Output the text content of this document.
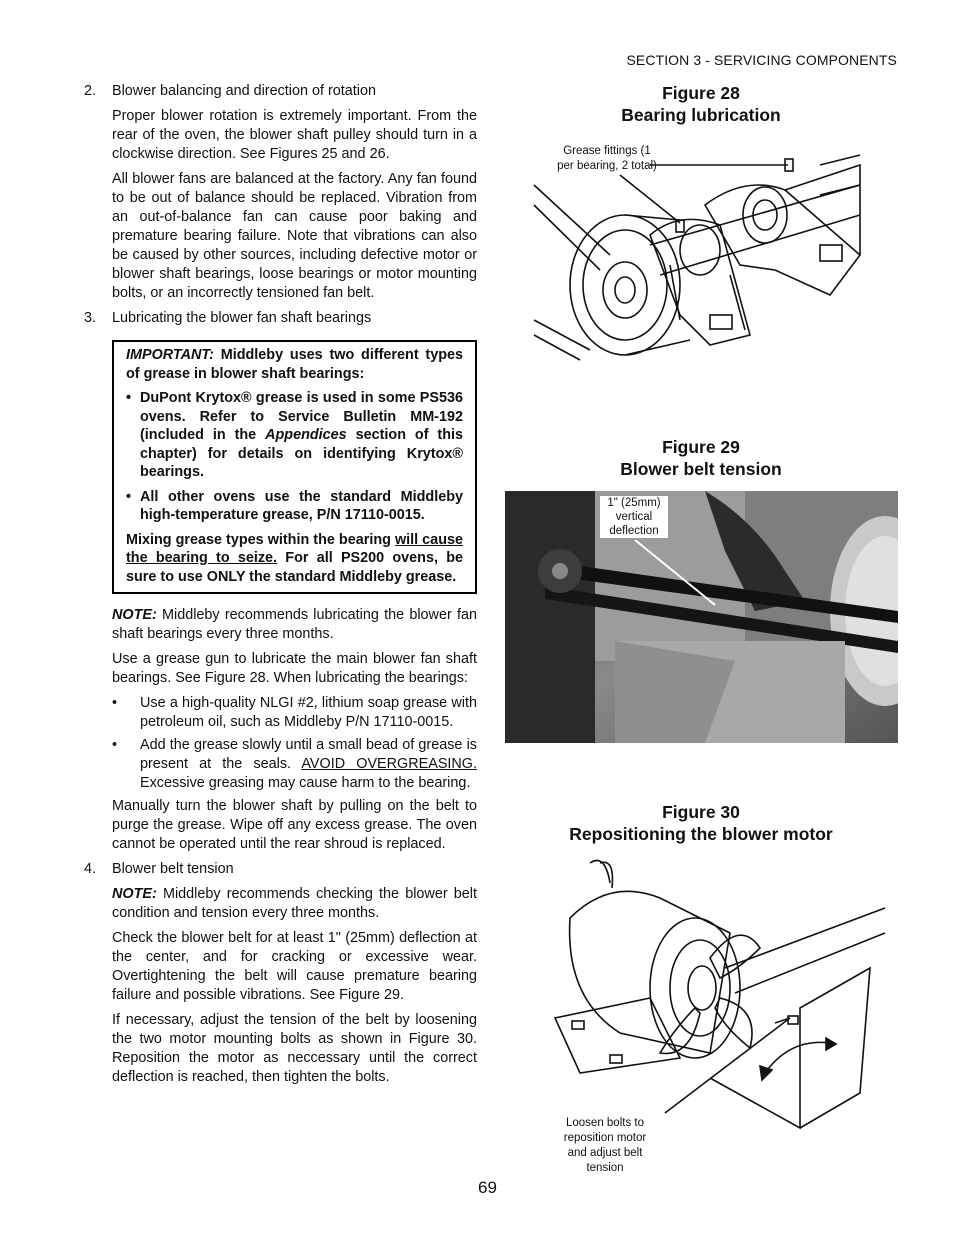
SECTION 3 - SERVICING COMPONENTS
2.	Blower balancing and direction of rotation

Proper blower rotation is extremely important. From the rear of the oven, the blower shaft pulley should turn in a clockwise direction. See Figures 25 and 26.

All blower fans are balanced at the factory. Any fan found to be out of balance should be replaced. Vibration from an out-of-balance fan can cause poor baking and premature bearing failure. Note that vibrations can also be caused by other sources, including defective motor or blower shaft bearings, loose bearings or motor mounting bolts, or an incorrectly tensioned fan belt.

3.	Lubricating the blower fan shaft bearings

IMPORTANT: Middleby uses two different types of grease in blower shaft bearings:

• DuPont Krytox® grease is used in some PS536 ovens. Refer to Service Bulletin MM-192 (included in the Appendices section of this chapter) for details on identifying Krytox® bearings.
• All other ovens use the standard Middleby high-temperature grease, P/N 17110-0015.

Mixing grease types within the bearing will cause the bearing to seize. For all PS200 ovens, be sure to use ONLY the standard Middleby grease.

NOTE: Middleby recommends lubricating the blower fan shaft bearings every three months.

Use a grease gun to lubricate the main blower fan shaft bearings. See Figure 28. When lubricating the bearings:

•	Use a high-quality NLGI #2, lithium soap grease with petroleum oil, such as Middleby P/N 17110-0015.
•	Add the grease slowly until a small bead of grease is present at the seals. AVOID OVERGREASING. Excessive greasing may cause harm to the bearing.

Manually turn the blower shaft by pulling on the belt to purge the grease. Wipe off any excess grease. The oven cannot be operated until the rear shroud is replaced.

4.	Blower belt tension

NOTE: Middleby recommends checking the blower belt condition and tension every three months.

Check the blower belt for at least 1" (25mm) deflection at the center, and for cracking or excessive wear. Overtightening the belt will cause premature bearing failure and possible vibrations. See Figure 29.

If necessary, adjust the tension of the belt by loosening the two motor mounting bolts as shown in Figure 30. Reposition the motor as neccessary until the correct deflection is reached, then tighten the bolts.

Figure 28
Bearing lubrication
Grease fittings (1 per bearing, 2 total)
Figure 29
Blower belt tension
1" (25mm) vertical deflection
Figure 30
Repositioning the blower motor
Loosen bolts to reposition motor and adjust belt tension
69
